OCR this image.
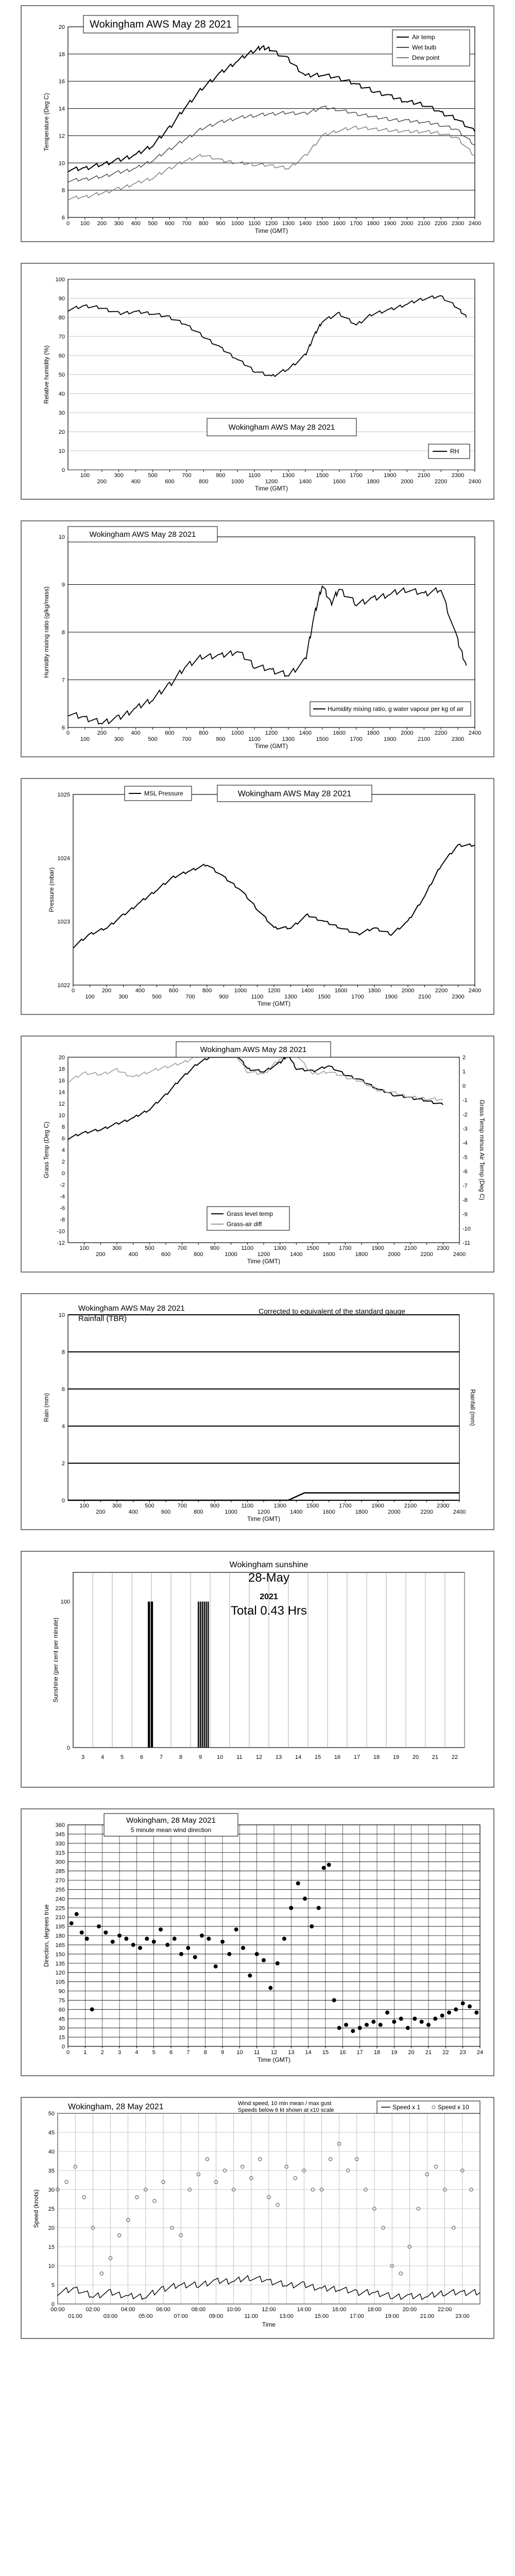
6
8
10
12
14
16
18
20
0 100 200 300 400 500 600 700 800 900 1000 1100 1200 1300 1400 1500 1600 1700 1800 1900 2000 2100 2200 2300 2400
Time (GMT)
Temperature (Deg C)
Wokingham AWS May 28 2021
Air temp
Wet bulb
Dew point
0
10
20
30
40
50
60
70
80
90
100
100
200
300
400
500
600
700
800
900
1000
1100
1200
1300
1400
1500
1600
1700
1800
1900
2000
2100
2200
2300
2400
Time (GMT)
Relative humidity (%)
Wokingham AWS May 28 2021
RH
6
7
8
9
10
0
100
200
300
400
500
600
700
800
900
1000
1100
1200
1300
1400
1500
1600
1700
1800
1900
2000
2100
2200
2300
2400
Time (GMT)
Humidity mixing ratio (g/kg/mass)
Wokingham AWS May 28 2021
Humidity mixing ratio, g water vapour per kg of air
1022
1023
1024
1025
0
100
200
300
400
500
600
700
800
900
1000
1100
1200
1300
1400
1500
1600
1700
1800
1900
2000
2100
2200
2300
2400
Time (GMT)
Pressure (mbar)
MSL Pressure	Wokingham AWS May 28 2021
-12
-10
-8
-6
-4
-2
0
2
4
6
8
10
12
14
16
18
20
100
200
300
400
500
600
700
800
900
1000
1100
1200
1300
1400
1500
1600
1700
1800
1900
2000
2100
2200
2300
2400
Time (GMT)
Grass Temp (Deg C)
-11
-10
-9
-8
-7
-6
-5
-4
-3
-2
-1
0
1
2
Grass Temp minus Air Temp (Deg C)
Wokingham AWS May 28 2021
Grass level temp
Grass-air diff
0
2
4
6
8
10
100
200
300
400
500
600
700
800
900
1000
1100
1200
1300
1400
1500
1600
1700
1800
1900
2000
2100
2200
2300
2400
Time (GMT)
Rain (mm)	Rainfall (mm)
Wokingham AWS May 28 2021
Rainfall (TBR)
Corrected to equivalent of the standard gauge
3	4	5	6	7	8	9	10 11 12 13 14 15 16 17 18 19 20 21 22
0
100
Sunshine (per cent per minute)
Wokingham sunshine
28-May
2021
Total 0.43 Hrs
0
15
30
45
60
75
90
105
120
135
150
165
180
195
210
225
240
255
270
285
300
315
330
345
360
0 1 2 3 4 5 6 7 8 9 10 11 12 13 14 15 16 17 18 19 20 21 22 23 24
Time (GMT)
Direction, degrees true
Wokingham, 28 May 2021
5 minute mean wind direction
0
5
10
15
20
25
30
35
40
45
50
00:00	02:00	04:00	06:00	08:00	10:00	12:00	14:00	16:00	18:00	20:00	22:00
01:00	03:00	05:00	07:00	09:00	11:00	13:00	15:00	17:00	19:00	21:00	23:00
Time
Speed (knots)
Wokingham, 28 May 2021	Wind speed, 10 min mean / max gust
Speeds below 6 kt shown at x10 scale	Speed x 1	Speed x 10
